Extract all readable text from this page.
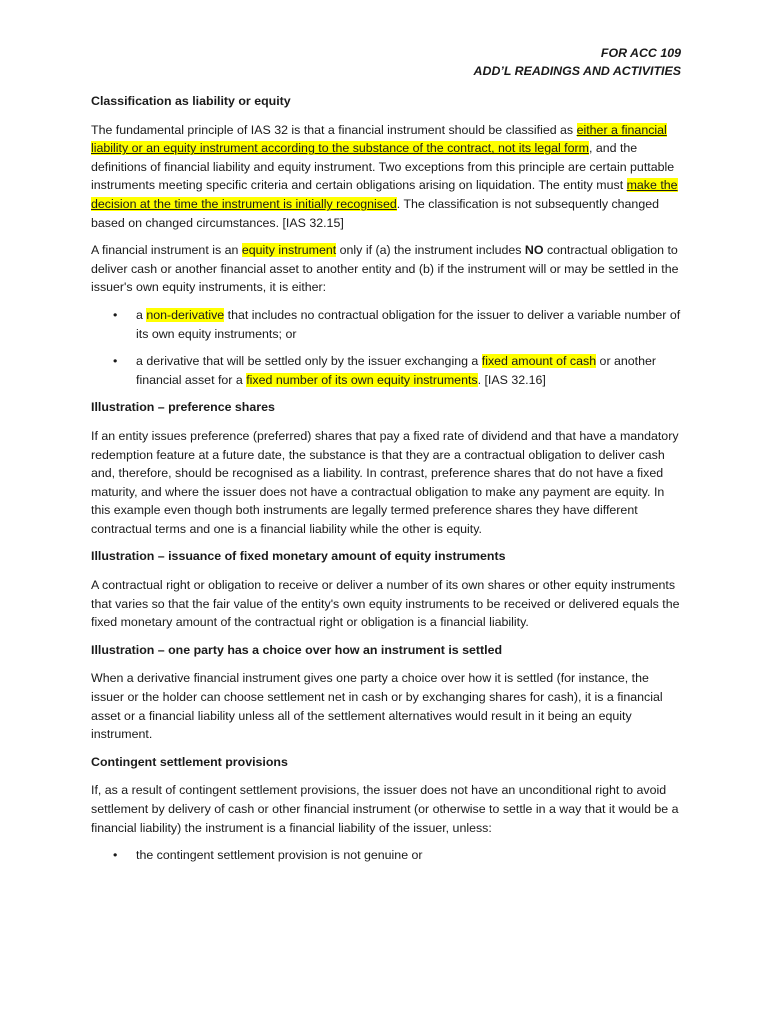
FOR ACC 109
ADD’L READINGS AND ACTIVITIES
Classification as liability or equity

The fundamental principle of IAS 32 is that a financial instrument should be classified as either a financial liability or an equity instrument according to the substance of the contract, not its legal form, and the definitions of financial liability and equity instrument. Two exceptions from this principle are certain puttable instruments meeting specific criteria and certain obligations arising on liquidation. The entity must make the decision at the time the instrument is initially recognised. The classification is not subsequently changed based on changed circumstances. [IAS 32.15]

A financial instrument is an equity instrument only if (a) the instrument includes NO contractual obligation to deliver cash or another financial asset to another entity and (b) if the instrument will or may be settled in the issuer's own equity instruments, it is either:

• a non-derivative that includes no contractual obligation for the issuer to deliver a variable number of its own equity instruments; or
• a derivative that will be settled only by the issuer exchanging a fixed amount of cash or another financial asset for a fixed number of its own equity instruments. [IAS 32.16]
Illustration – preference shares

If an entity issues preference (preferred) shares that pay a fixed rate of dividend and that have a mandatory redemption feature at a future date, the substance is that they are a contractual obligation to deliver cash and, therefore, should be recognised as a liability. In contrast, preference shares that do not have a fixed maturity, and where the issuer does not have a contractual obligation to make any payment are equity. In this example even though both instruments are legally termed preference shares they have different contractual terms and one is a financial liability while the other is equity.

Illustration – issuance of fixed monetary amount of equity instruments

A contractual right or obligation to receive or deliver a number of its own shares or other equity instruments that varies so that the fair value of the entity's own equity instruments to be received or delivered equals the fixed monetary amount of the contractual right or obligation is a financial liability.

Illustration – one party has a choice over how an instrument is settled

When a derivative financial instrument gives one party a choice over how it is settled (for instance, the issuer or the holder can choose settlement net in cash or by exchanging shares for cash), it is a financial asset or a financial liability unless all of the settlement alternatives would result in it being an equity instrument.

Contingent settlement provisions

If, as a result of contingent settlement provisions, the issuer does not have an unconditional right to avoid settlement by delivery of cash or other financial instrument (or otherwise to settle in a way that it would be a financial liability) the instrument is a financial liability of the issuer, unless:

• the contingent settlement provision is not genuine or
